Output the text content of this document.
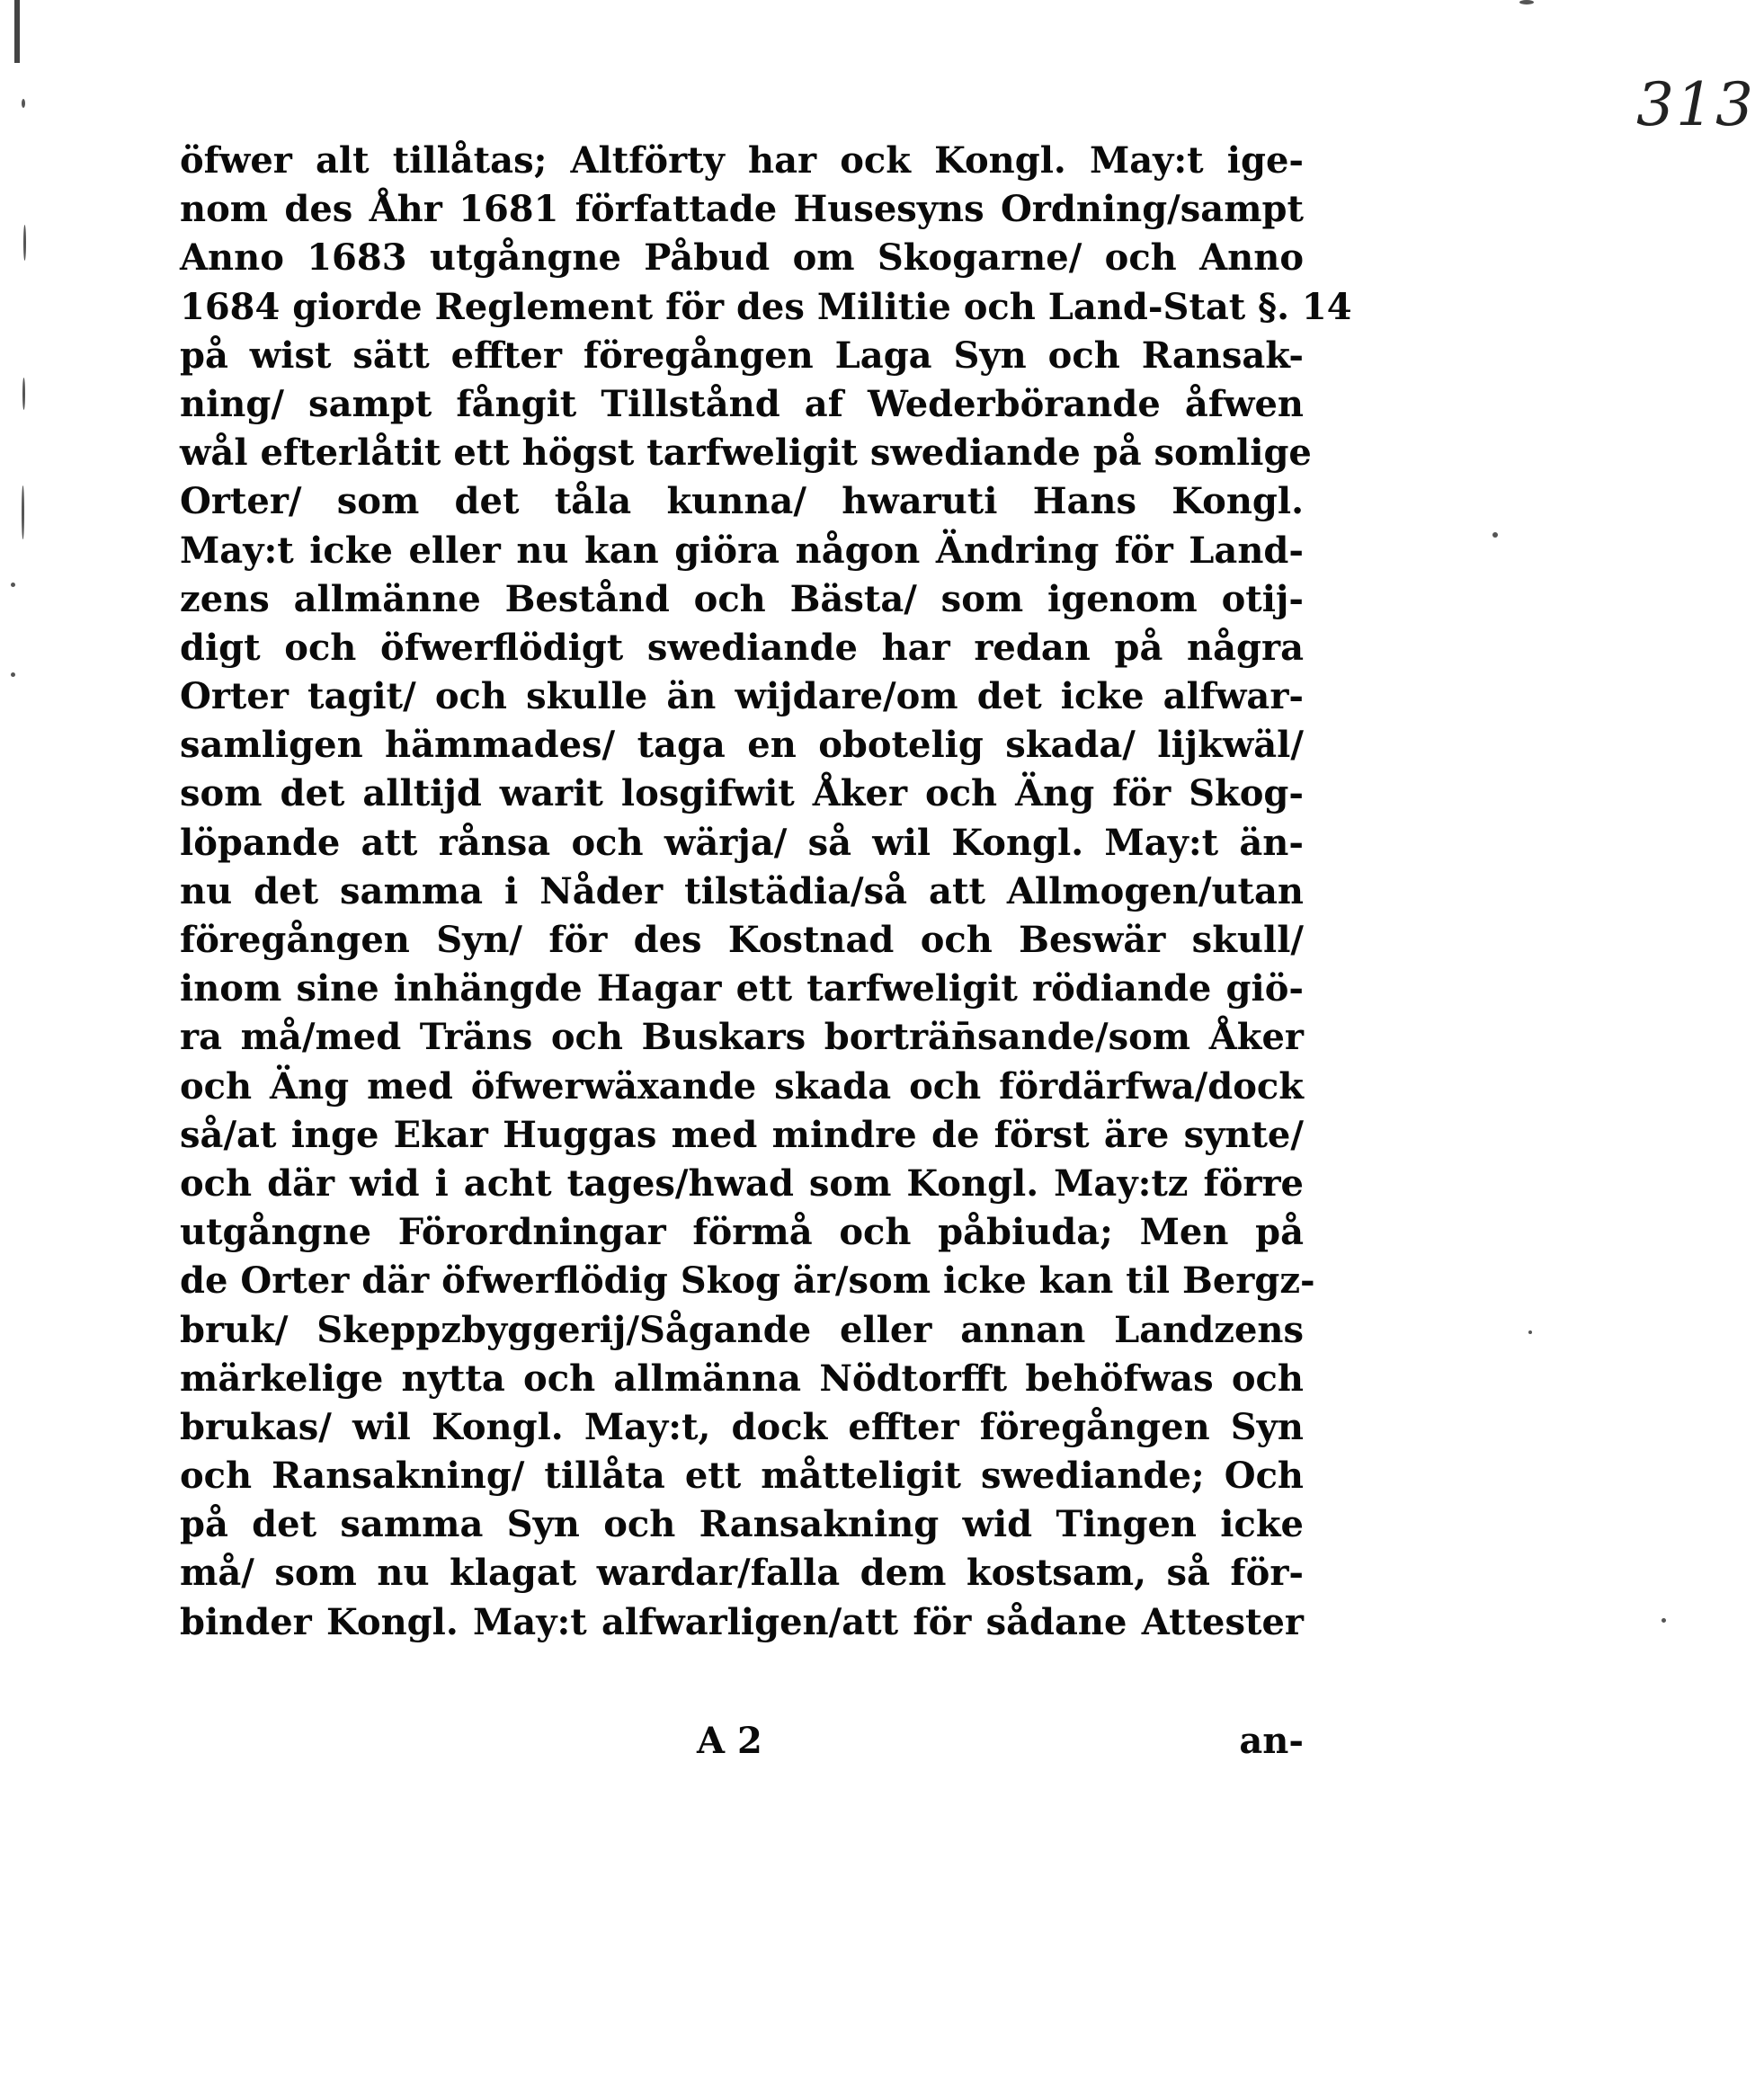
313
öfwer alt tillåtas; Altförty har ock Kongl. May:t ige-
nom des Åhr 1681 författade Husesyns Ordning/sampt
Anno 1683 utgångne Påbud om Skogarne/ och Anno
1684 giorde Reglement för des Militie och Land-Stat §. 14
på wist sätt effter föregången Laga Syn och Ransak-
ning/ sampt fångit Tillstånd af Wederbörande åfwen
wål efterlåtit ett högst tarfweligit swediande på somlige
Orter/ som det tåla kunna/ hwaruti Hans Kongl.
May:t icke eller nu kan giöra någon Ändring för Land-
zens allmänne Bestånd och Bästa/ som igenom otij-
digt och öfwerflödigt swediande har redan på några
Orter tagit/ och skulle än wijdare/om det icke alfwar-
samligen hämmades/ taga en obotelig skada/ lijkwäl/
som det alltijd warit losgifwit Åker och Äng för Skog-
löpande att rånsa och wärja/ så wil Kongl. May:t än-
nu det samma i Nåder tilstädia/så att Allmogen/utan
föregången Syn/ för des Kostnad och Beswär skull/
inom sine inhängde Hagar ett tarfweligit rödiande giö-
ra må/med Träns och Buskars borträn̄sande/som Åker
och Äng med öfwerwäxande skada och fördärfwa/dock
så/at inge Ekar Huggas med mindre de först äre synte/
och där wid i acht tages/hwad som Kongl. May:tz förre
utgångne Förordningar förmå och påbiuda; Men på
de Orter där öfwerflödig Skog är/som icke kan til Bergz-
bruk/ Skeppzbyggerij/Sågande eller annan Landzens
märkelige nytta och allmänna Nödtorfft behöfwas och
brukas/ wil Kongl. May:t, dock effter föregången Syn
och Ransakning/ tillåta ett måtteligit swediande; Och
på det samma Syn och Ransakning wid Tingen icke
må/ som nu klagat wardar/falla dem kostsam, så för-
binder Kongl. May:t alfwarligen/att för sådane Attester
A 2	an-
